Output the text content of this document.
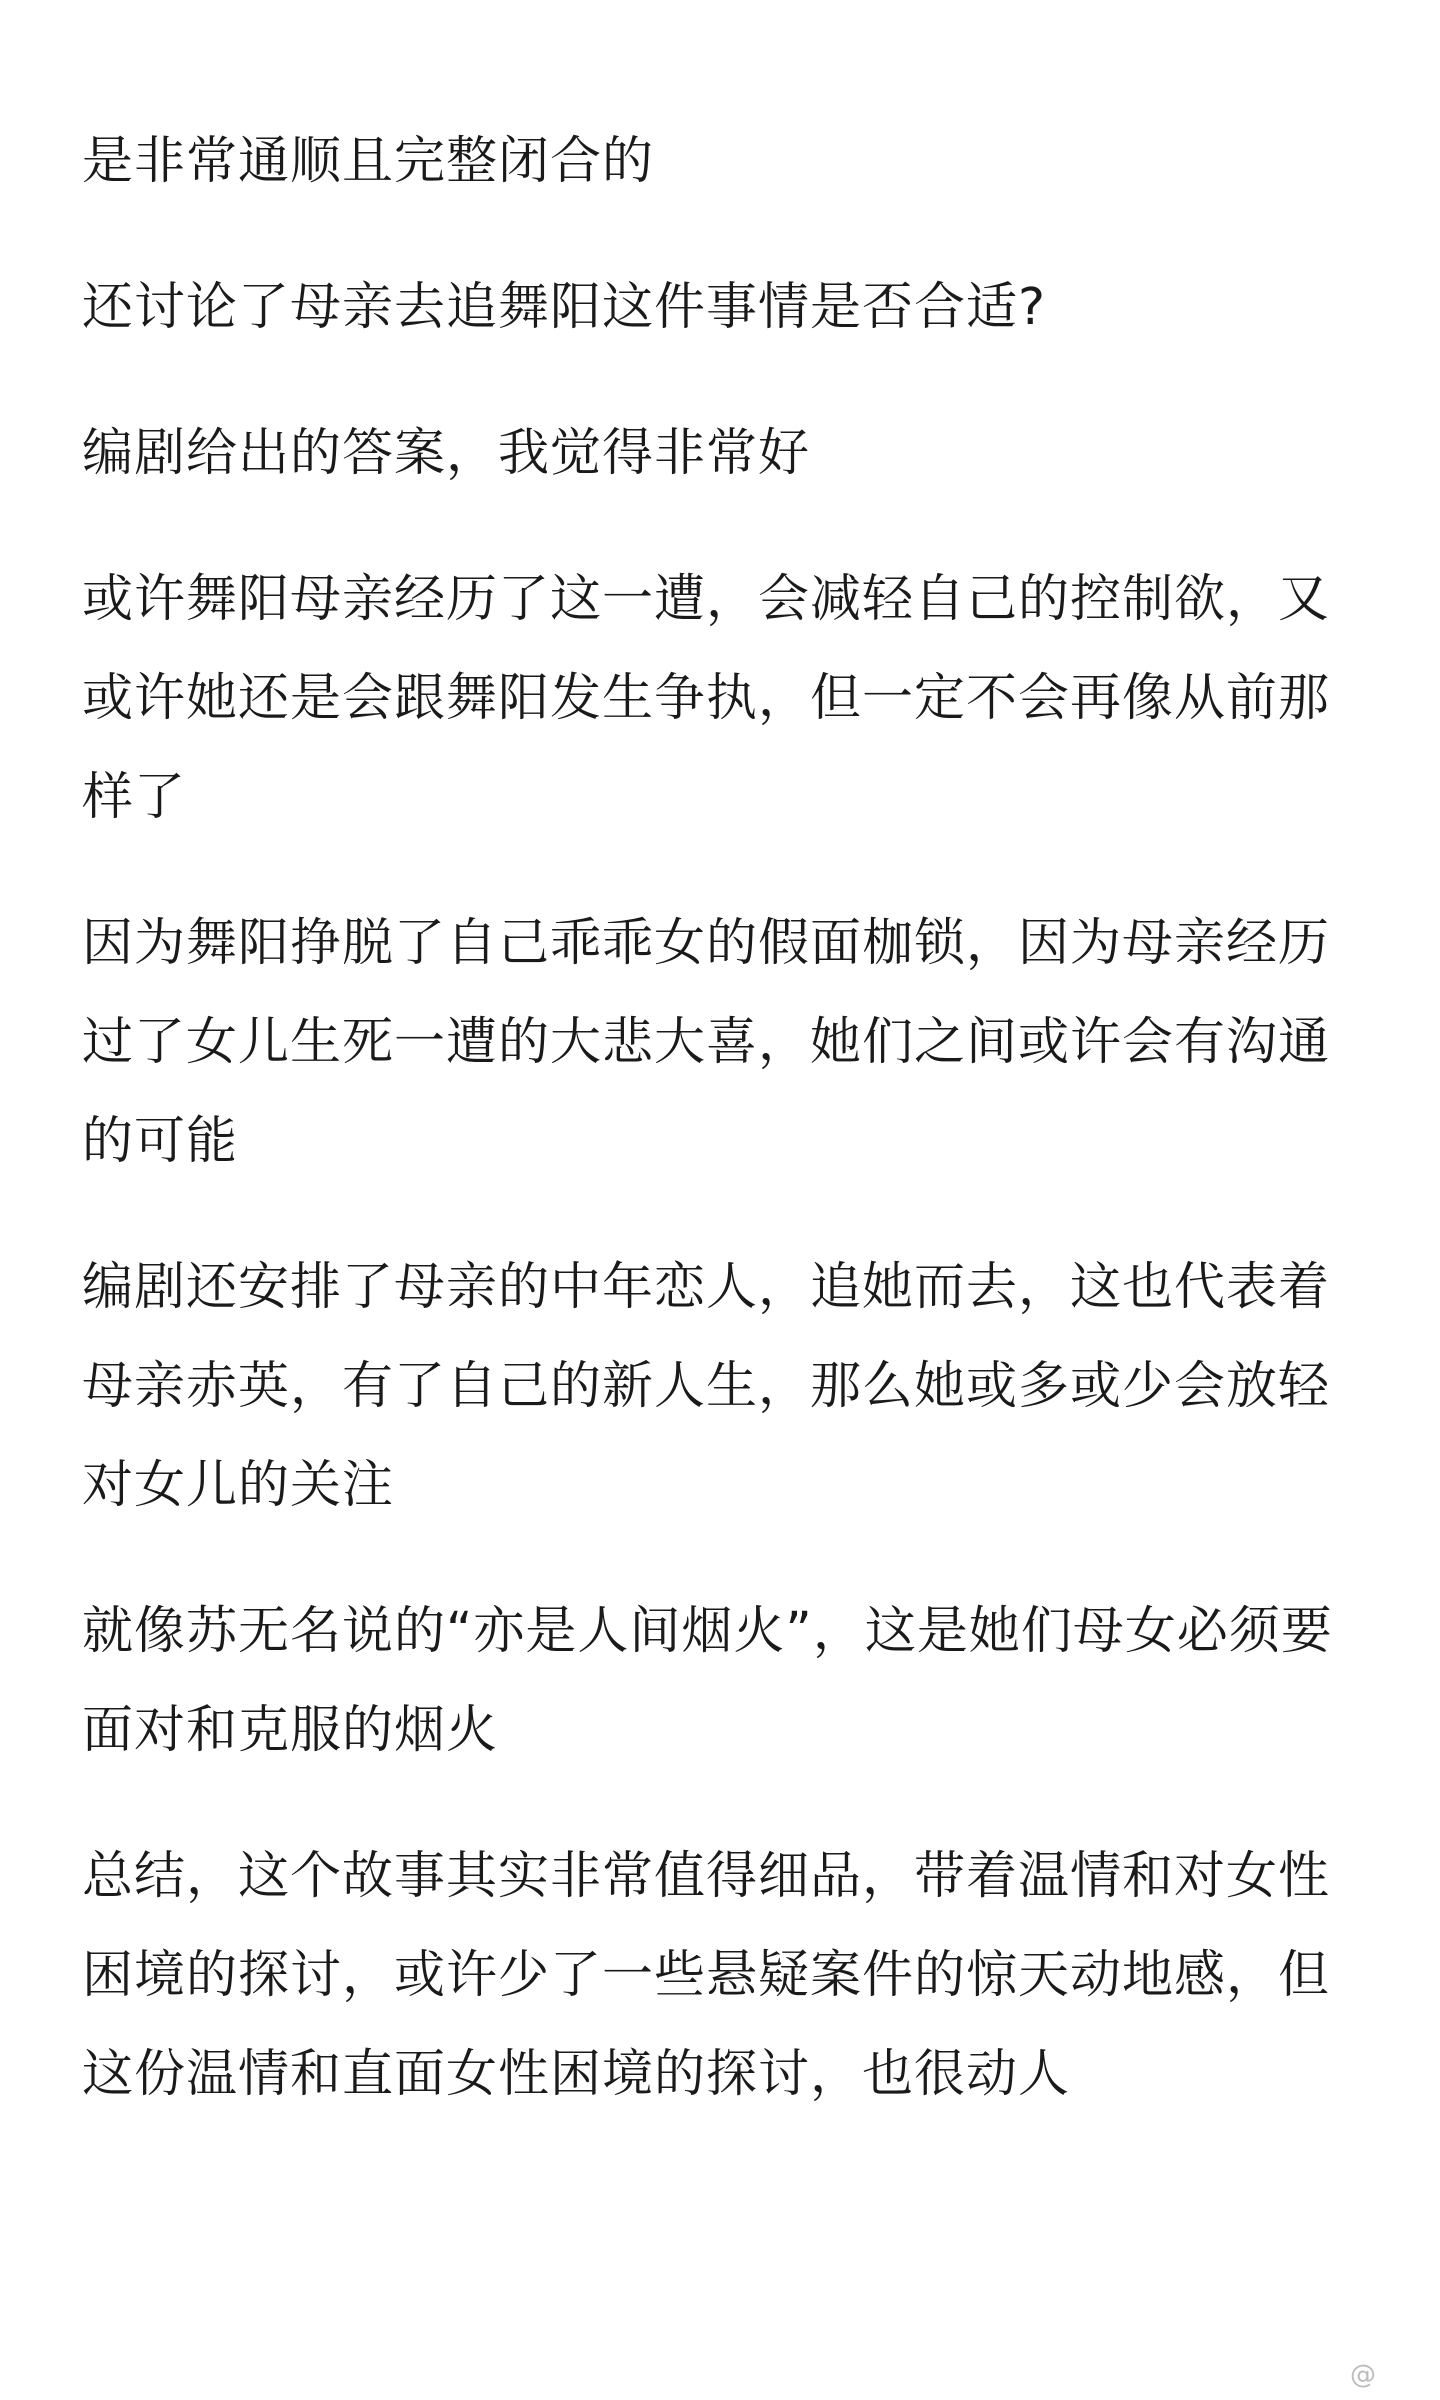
是非常通顺且完整闭合的

还讨论了母亲去追舞阳这件事情是否合适?

编剧给出的答案，我觉得非常好

或许舞阳母亲经历了这一遭，会减轻自己的控制欲，又或许她还是会跟舞阳发生争执，但一定不会再像从前那样了

因为舞阳挣脱了自己乖乖女的假面枷锁，因为母亲经历过了女儿生死一遭的大悲大喜，她们之间或许会有沟通的可能

编剧还安排了母亲的中年恋人，追她而去，这也代表着母亲赤英，有了自己的新人生，那么她或多或少会放轻对女儿的关注

就像苏无名说的“亦是人间烟火”，这是她们母女必须要面对和克服的烟火

总结，这个故事其实非常值得细品，带着温情和对女性困境的探讨，或许少了一些悬疑案件的惊天动地感，但这份温情和直面女性困境的探讨，也很动人

@
